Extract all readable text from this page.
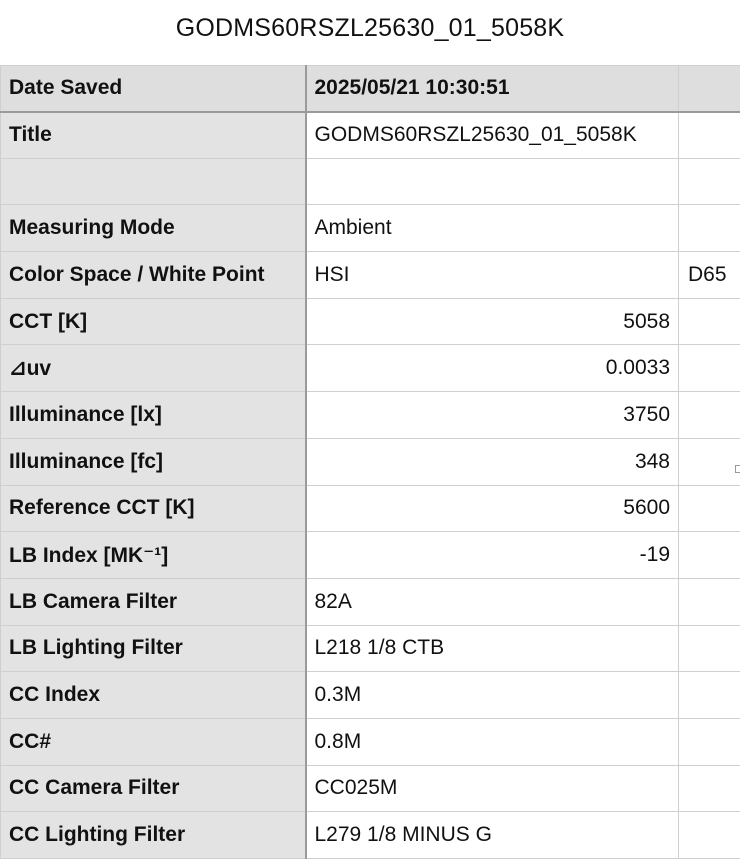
GODMS60RSZL25630_01_5058K
Date Saved	2025/05/21 10:30:51	
Title	GODMS60RSZL25630_01_5058K	

Measuring Mode	Ambient	
Color Space / White Point	HSI	D65
CCT [K]	5058	
⊿uv	0.0033	
Illuminance [lx]	3750	
Illuminance [fc]	348	
Reference CCT [K]	5600	
LB Index [MK⁻¹]	-19	
LB Camera Filter	82A	
LB Lighting Filter	L218 1/8 CTB	
CC Index	0.3M	
CC#	0.8M	
CC Camera Filter	CC025M	
CC Lighting Filter	L279 1/8 MINUS G	
